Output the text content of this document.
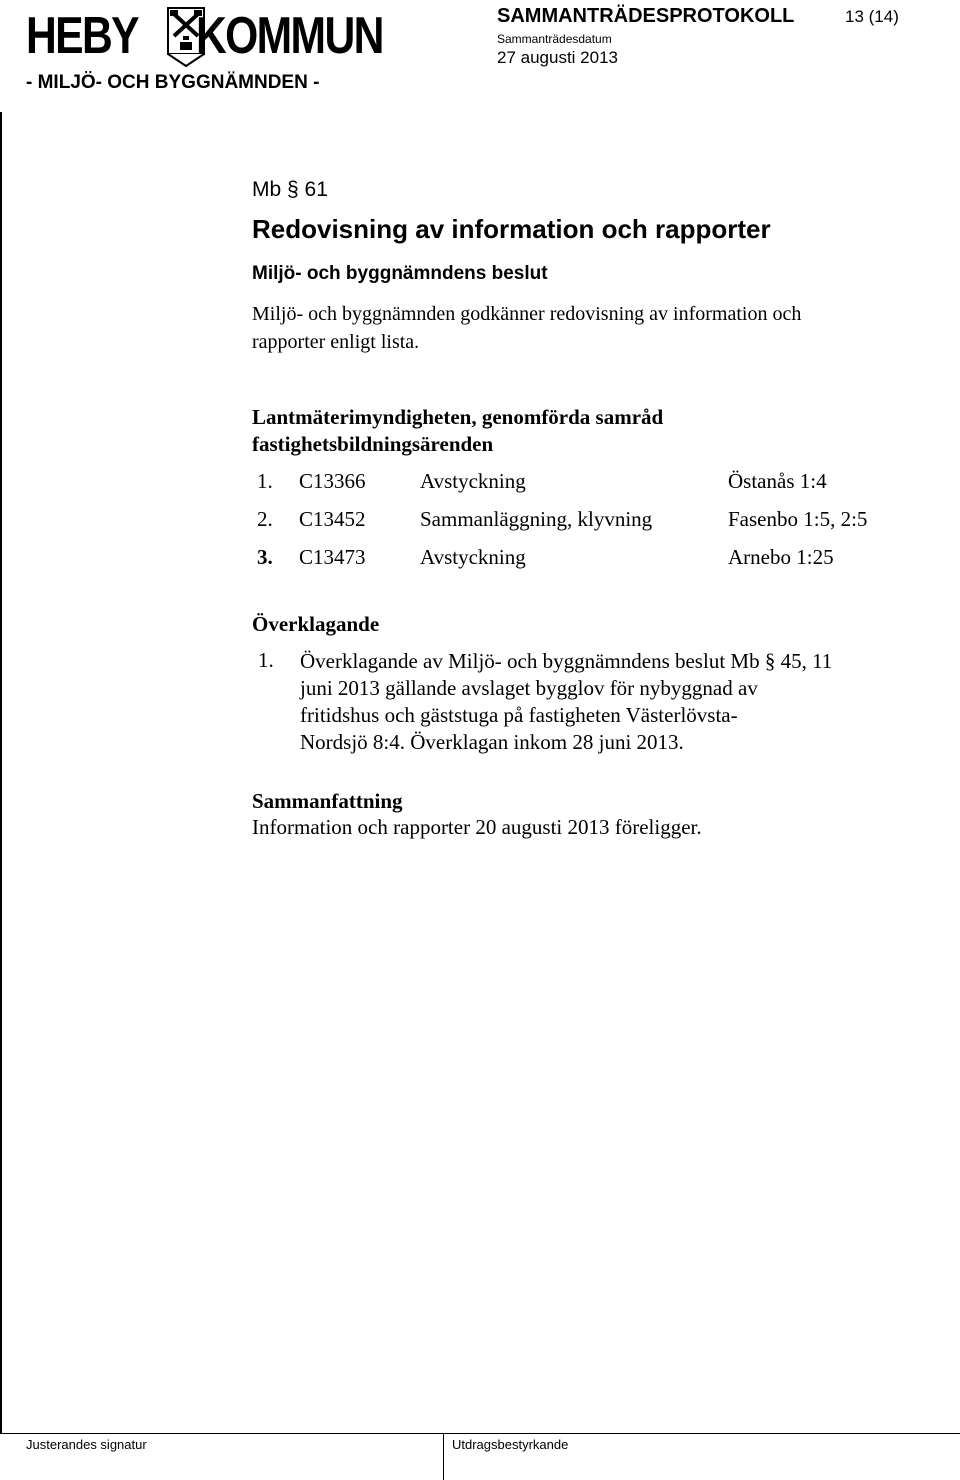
HEBY KOMMUN
- MILJÖ- OCH BYGGNÄMNDEN -
SAMMANTRÄDESPROTOKOLL	13 (14)
Sammanträdesdatum
27 augusti 2013
Mb § 61
Redovisning av information och rapporter
Miljö- och byggnämndens beslut
Miljö- och byggnämnden godkänner redovisning av information och
rapporter enligt lista.
Lantmäterimyndigheten, genomförda samråd
fastighetsbildningsärenden
1. C13366	Avstyckning	Östanås 1:4
2. C13452	Sammanläggning, klyvning	Fasenbo 1:5, 2:5
3. C13473	Avstyckning	Arnebo 1:25
Överklagande
1. Överklagande av Miljö- och byggnämndens beslut Mb § 45, 11
juni 2013 gällande avslaget bygglov för nybyggnad av
fritidshus och gäststuga på fastigheten Västerlövsta-
Nordsjö 8:4. Överklagan inkom 28 juni 2013.
Sammanfattning
Information och rapporter 20 augusti 2013 föreligger.
Justerandes signatur	Utdragsbestyrkande
